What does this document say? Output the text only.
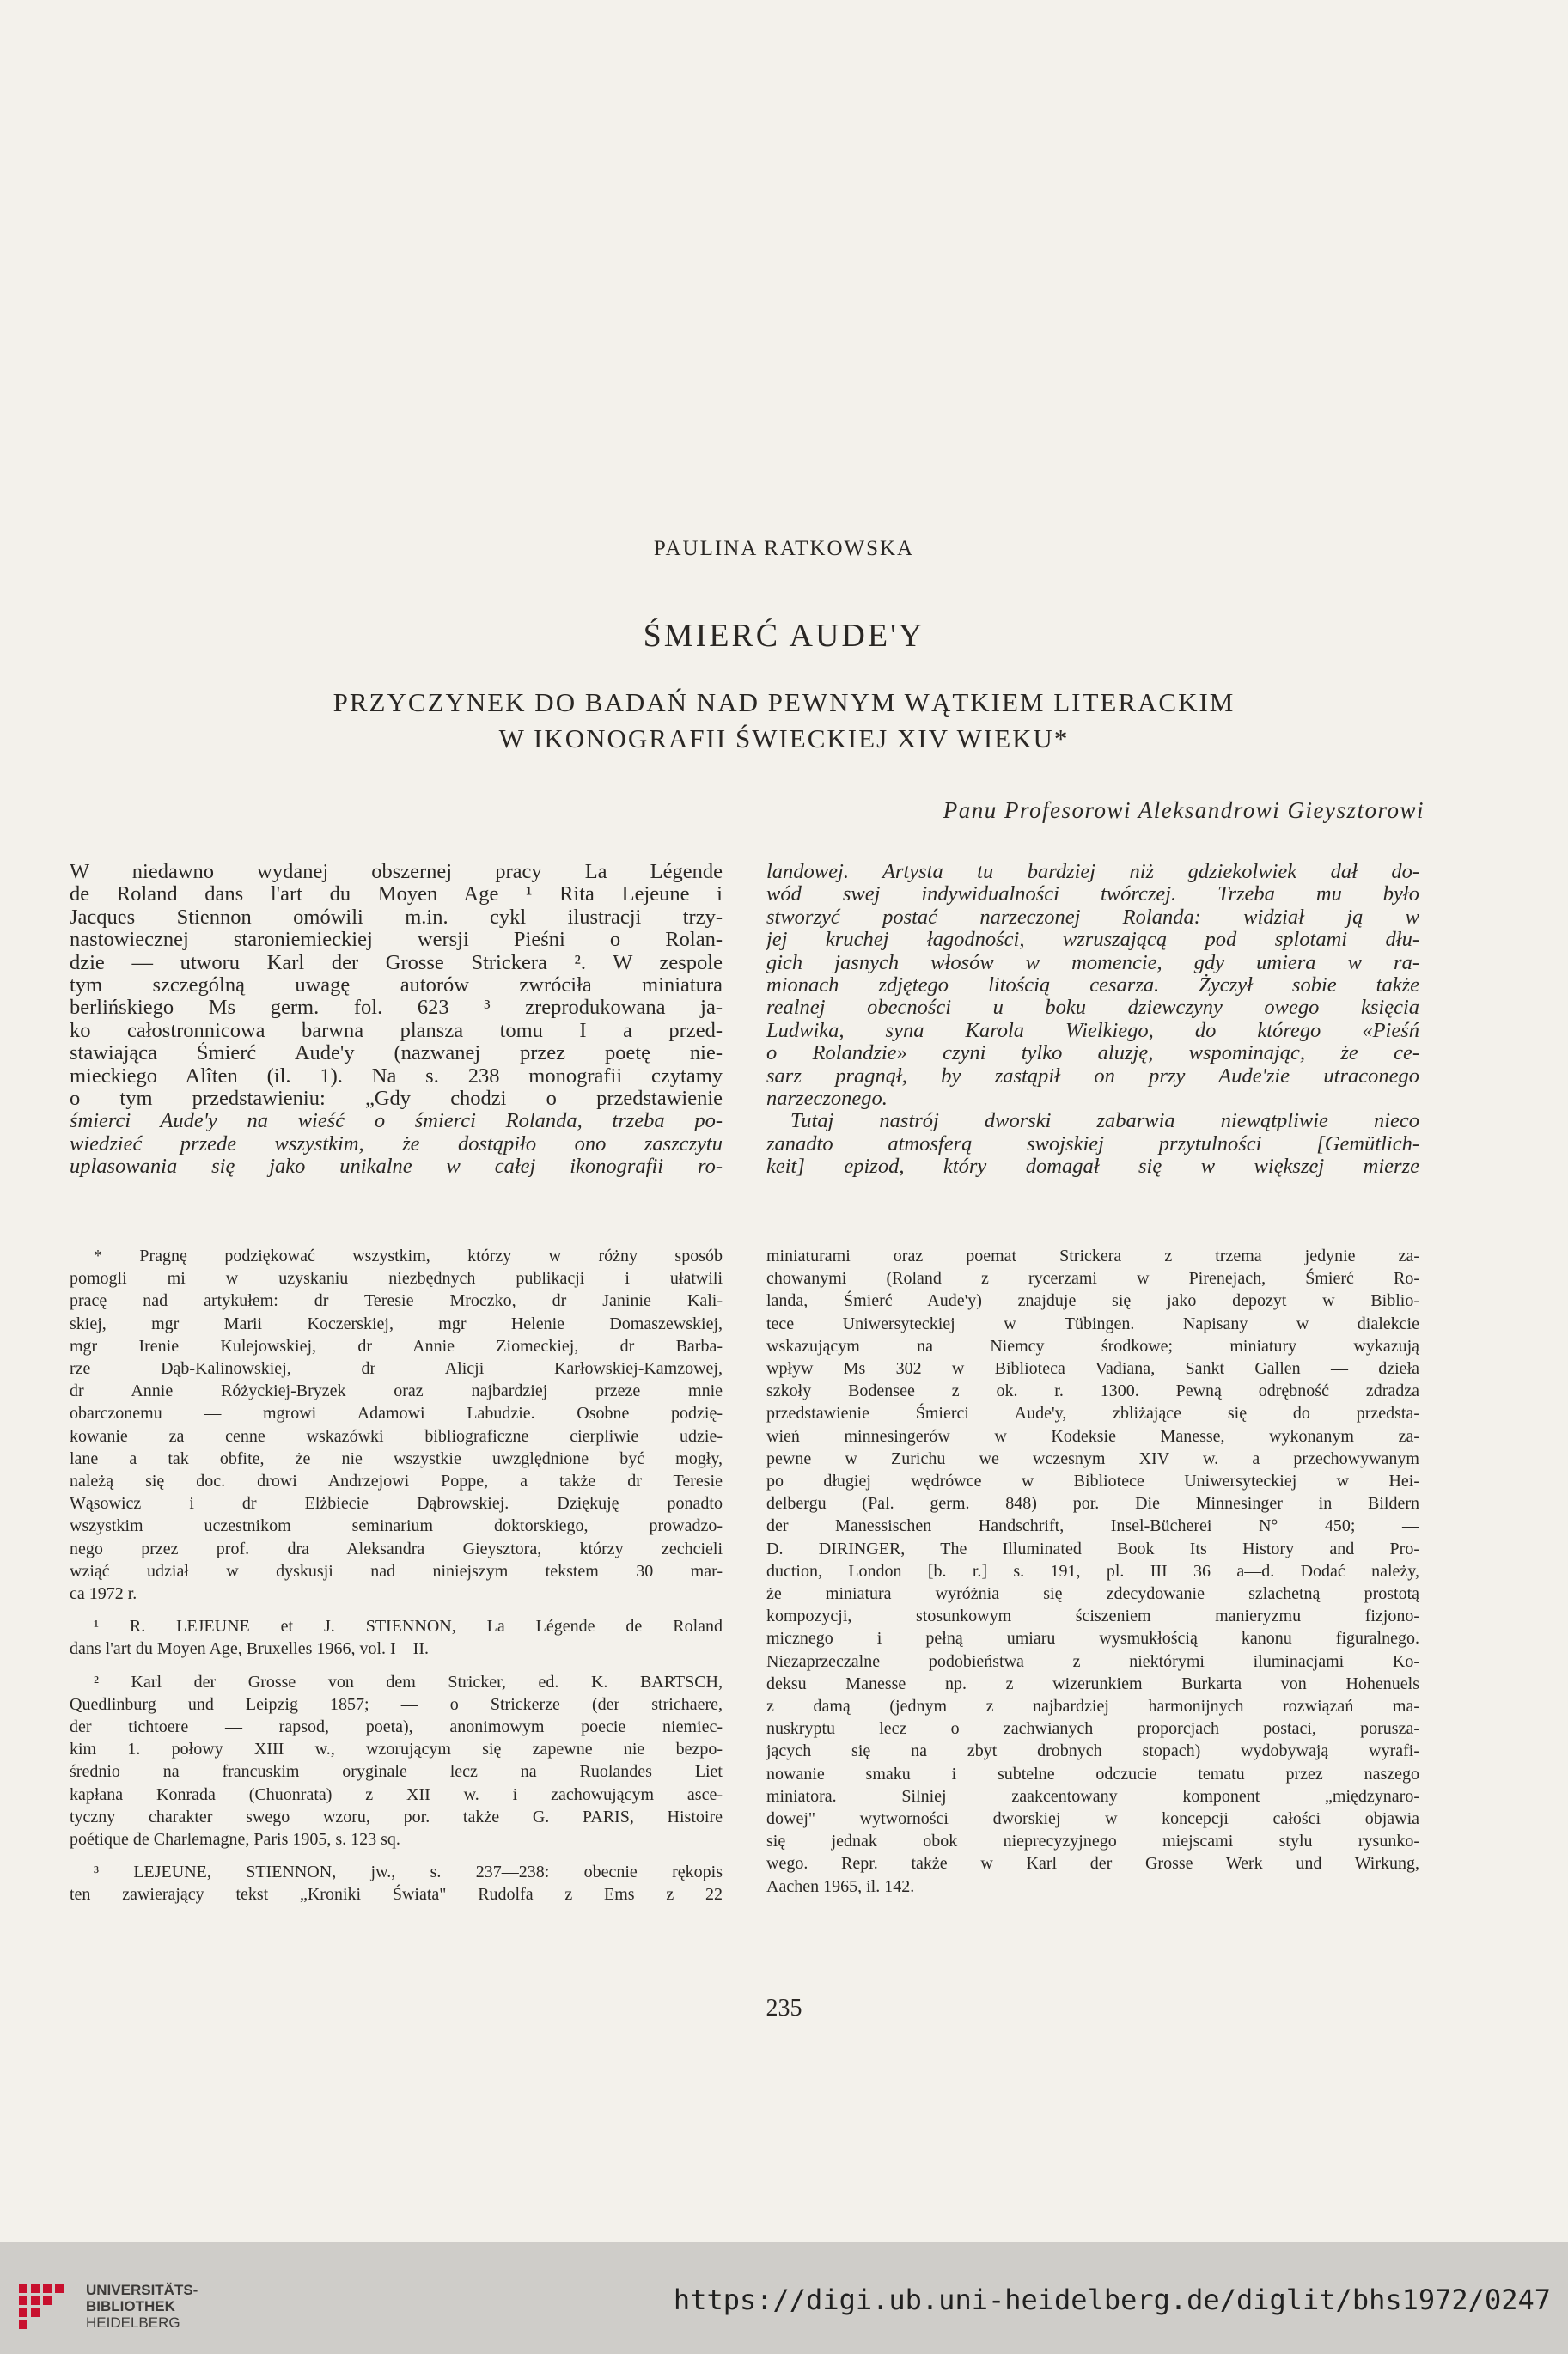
PAULINA RATKOWSKA
ŚMIERĆ AUDE'Y
PRZYCZYNEK DO BADAŃ NAD PEWNYM WĄTKIEM LITERACKIM
W IKONOGRAFII ŚWIECKIEJ XIV WIEKU*
Panu Profesorowi Aleksandrowi Gieysztorowi
W niedawno wydanej obszernej pracy La Légende
de Roland dans l'art du Moyen Age ¹ Rita Lejeune i
Jacques Stiennon omówili m.in. cykl ilustracji trzy-
nastowiecznej staroniemieckiej wersji Pieśni o Rolan-
dzie — utworu Karl der Grosse Strickera ². W zespole
tym szczególną uwagę autorów zwróciła miniatura
berlińskiego Ms germ. fol. 623 ³ zreprodukowana ja-
ko całostronnicowa barwna plansza tomu I a przed-
stawiająca Śmierć Aude'y (nazwanej przez poetę nie-
mieckiego Alîten (il. 1). Na s. 238 monografii czytamy
o tym przedstawieniu: „Gdy chodzi o przedstawienie
śmierci Aude'y na wieść o śmierci Rolanda, trzeba po-
wiedzieć przede wszystkim, że dostąpiło ono zaszczytu
uplasowania się jako unikalne w całej ikonografii ro-
landowej. Artysta tu bardziej niż gdziekolwiek dał do-
wód swej indywidualności twórczej. Trzeba mu było
stworzyć postać narzeczonej Rolanda: widział ją w
jej kruchej łagodności, wzruszającą pod splotami dłu-
gich jasnych włosów w momencie, gdy umiera w ra-
mionach zdjętego litością cesarza. Życzył sobie także
realnej obecności u boku dziewczyny owego księcia
Ludwika, syna Karola Wielkiego, do którego «Pieśń
o Rolandzie» czyni tylko aluzję, wspominając, że ce-
sarz pragnął, by zastąpił on przy Aude'zie utraconego
narzeczonego.
Tutaj nastrój dworski zabarwia niewątpliwie nieco
zanadto atmosferą swojskiej przytulności [Gemütlich-
keit] epizod, który domagał się w większej mierze
* Pragnę podziękować wszystkim, którzy w różny sposób
pomogli mi w uzyskaniu niezbędnych publikacji i ułatwili
pracę nad artykułem: dr Teresie Mroczko, dr Janinie Kali-
skiej, mgr Marii Koczerskiej, mgr Helenie Domaszewskiej,
mgr Irenie Kulejowskiej, dr Annie Ziomeckiej, dr Barba-
rze Dąb-Kalinowskiej, dr Alicji Karłowskiej-Kamzowej,
dr Annie Różyckiej-Bryzek oraz najbardziej przeze mnie
obarczonemu — mgrowi Adamowi Labudzie. Osobne podzię-
kowanie za cenne wskazówki bibliograficzne cierpliwie udzie-
lane a tak obfite, że nie wszystkie uwzględnione być mogły,
należą się doc. drowi Andrzejowi Poppe, a także dr Teresie
Wąsowicz i dr Elżbiecie Dąbrowskiej. Dziękuję ponadto
wszystkim uczestnikom seminarium doktorskiego, prowadzo-
nego przez prof. dra Aleksandra Gieysztora, którzy zechcieli
wziąć udział w dyskusji nad niniejszym tekstem 30 mar-
ca 1972 r.
¹ R. LEJEUNE et J. STIENNON, La Légende de Roland
dans l'art du Moyen Age, Bruxelles 1966, vol. I—II.
² Karl der Grosse von dem Stricker, ed. K. BARTSCH,
Quedlinburg und Leipzig 1857; — o Strickerze (der strichaere,
der tichtoere — rapsod, poeta), anonimowym poecie niemiec-
kim 1. połowy XIII w., wzorującym się zapewne nie bezpo-
średnio na francuskim oryginale lecz na Ruolandes Liet
kapłana Konrada (Chuonrata) z XII w. i zachowującym asce-
tyczny charakter swego wzoru, por. także G. PARIS, Histoire
poétique de Charlemagne, Paris 1905, s. 123 sq.
³ LEJEUNE, STIENNON, jw., s. 237—238: obecnie rękopis
ten zawierający tekst „Kroniki Świata" Rudolfa z Ems z 22
miniaturami oraz poemat Strickera z trzema jedynie za-
chowanymi (Roland z rycerzami w Pirenejach, Śmierć Ro-
landa, Śmierć Aude'y) znajduje się jako depozyt w Biblio-
tece Uniwersyteckiej w Tübingen. Napisany w dialekcie
wskazującym na Niemcy środkowe; miniatury wykazują
wpływ Ms 302 w Biblioteca Vadiana, Sankt Gallen — dzieła
szkoły Bodensee z ok. r. 1300. Pewną odrębność zdradza
przedstawienie Śmierci Aude'y, zbliżające się do przedsta-
wień minnesingerów w Kodeksie Manesse, wykonanym za-
pewne w Zurichu we wczesnym XIV w. a przechowywanym
po długiej wędrówce w Bibliotece Uniwersyteckiej w Hei-
delbergu (Pal. germ. 848) por. Die Minnesinger in Bildern
der Manessischen Handschrift, Insel-Bücherei N° 450; —
D. DIRINGER, The Illuminated Book Its History and Pro-
duction, London [b. r.] s. 191, pl. III 36 a—d. Dodać należy,
że miniatura wyróżnia się zdecydowanie szlachetną prostotą
kompozycji, stosunkowym ściszeniem manieryzmu fizjono-
micznego i pełną umiaru wysmukłością kanonu figuralnego.
Niezaprzeczalne podobieństwa z niektórymi iluminacjami Ko-
deksu Manesse np. z wizerunkiem Burkarta von Hohenuels
z damą (jednym z najbardziej harmonijnych rozwiązań ma-
nuskryptu lecz o zachwianych proporcjach postaci, porusza-
jących się na zbyt drobnych stopach) wydobywają wyrafi-
nowanie smaku i subtelne odczucie tematu przez naszego
miniatora. Silniej zaakcentowany komponent „międzynaro-
dowej" wytworności dworskiej w koncepcji całości objawia
się jednak obok nieprecyzyjnego miejscami stylu rysunko-
wego. Repr. także w Karl der Grosse Werk und Wirkung,
Aachen 1965, il. 142.
235
UNIVERSITÄTS-
BIBLIOTHEK
HEIDELBERG
https://digi.ub.uni-heidelberg.de/diglit/bhs1972/0247
